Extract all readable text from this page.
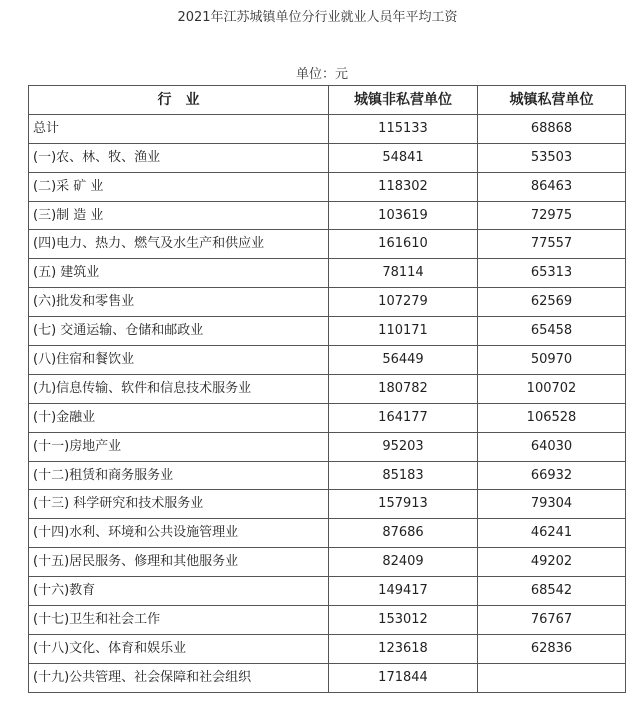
2021年江苏城镇单位分行业就业人员年平均工资
单位：元
行　业	城镇非私营单位	城镇私营单位
总计	115133	68868
(一)农、林、牧、渔业	54841	53503
(二)采 矿 业	118302	86463
(三)制 造 业	103619	72975
(四)电力、热力、燃气及水生产和供应业	161610	77557
(五) 建筑业	78114	65313
(六)批发和零售业	107279	62569
(七) 交通运输、仓储和邮政业	110171	65458
(八)住宿和餐饮业	56449	50970
(九)信息传输、软件和信息技术服务业	180782	100702
(十)金融业	164177	106528
(十一)房地产业	95203	64030
(十二)租赁和商务服务业	85183	66932
(十三) 科学研究和技术服务业	157913	79304
(十四)水利、环境和公共设施管理业	87686	46241
(十五)居民服务、修理和其他服务业	82409	49202
(十六)教育	149417	68542
(十七)卫生和社会工作	153012	76767
(十八)文化、体育和娱乐业	123618	62836
(十九)公共管理、社会保障和社会组织	171844	
